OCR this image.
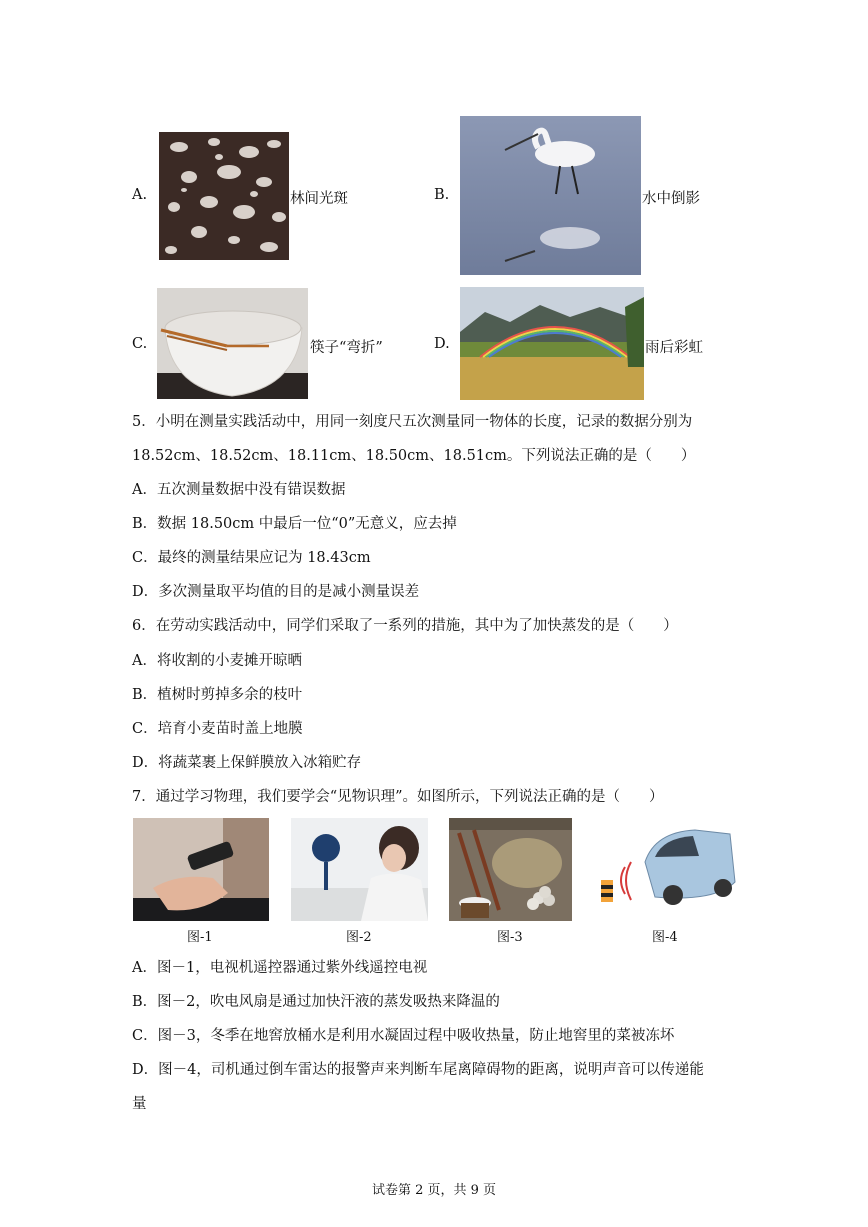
A.	林间光斑	B.	水中倒影
C.	筷子“弯折”	D.	雨后彩虹
5．小明在测量实践活动中，用同一刻度尺五次测量同一物体的长度，记录的数据分别为
18.52cm、18.52cm、18.11cm、18.50cm、18.51cm。下列说法正确的是（　　）
A．五次测量数据中没有错误数据
B．数据 18.50cm 中最后一位“0”无意义，应去掉
C．最终的测量结果应记为 18.43cm
D．多次测量取平均值的目的是减小测量误差
6．在劳动实践活动中，同学们采取了一系列的措施，其中为了加快蒸发的是（　　）
A．将收割的小麦摊开晾晒
B．植树时剪掉多余的枝叶
C．培育小麦苗时盖上地膜
D．将蔬菜裹上保鲜膜放入冰箱贮存
7．通过学习物理，我们要学会“见物识理”。如图所示，下列说法正确的是（　　）
图-1	图-2	图-3	图-4
A．图－1，电视机遥控器通过紫外线遥控电视
B．图－2，吹电风扇是通过加快汗液的蒸发吸热来降温的
C．图－3，冬季在地窖放桶水是利用水凝固过程中吸收热量，防止地窖里的菜被冻坏
D．图－4，司机通过倒车雷达的报警声来判断车尾离障碍物的距离，说明声音可以传递能
量
试卷第 2 页，共 9 页
